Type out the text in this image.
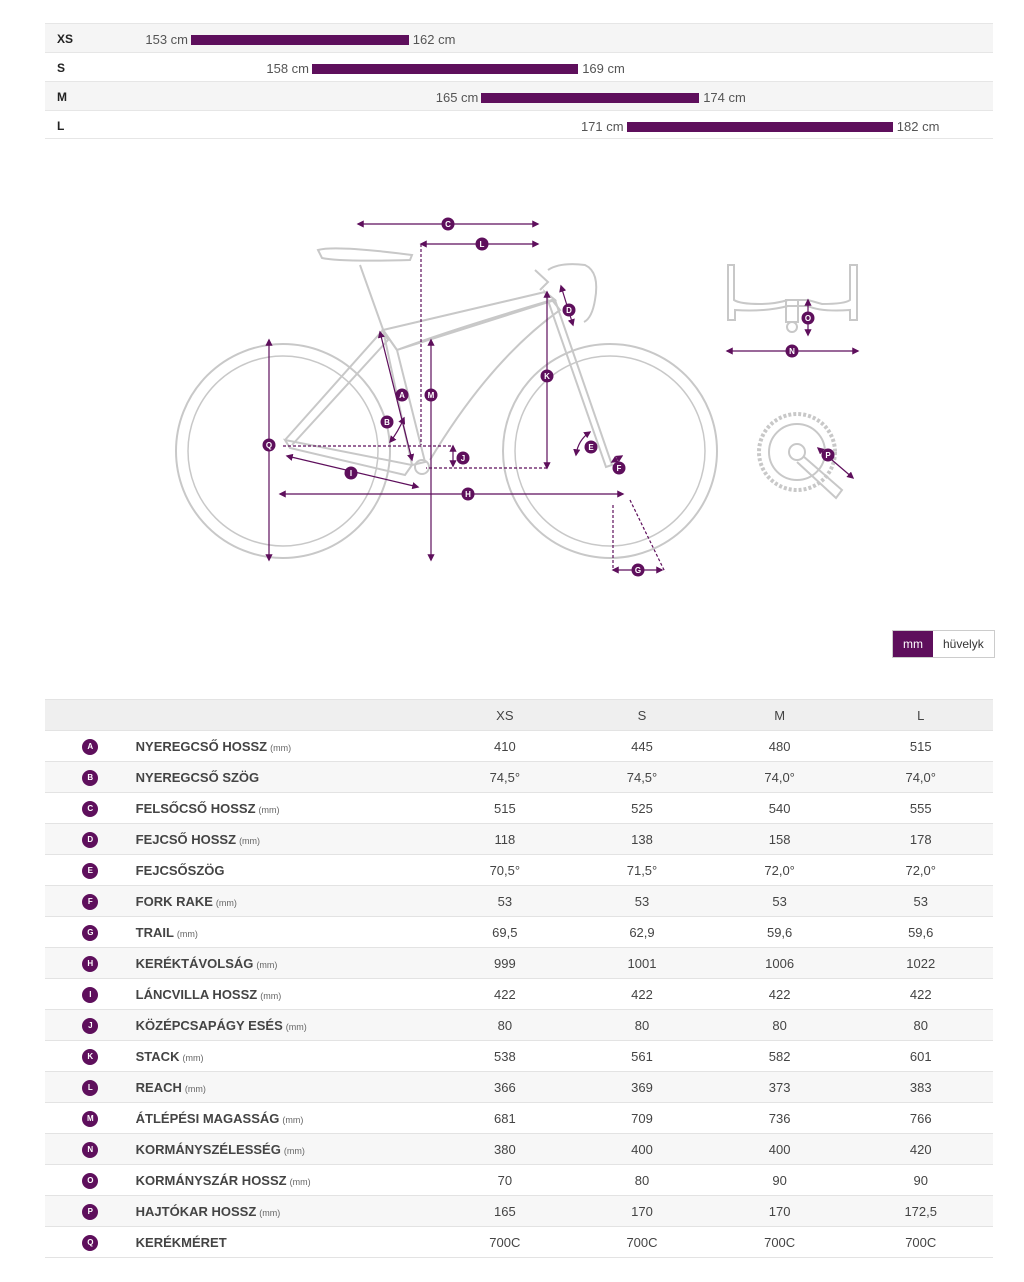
XS	153 cm	162 cm
S	158 cm	169 cm
M	165 cm	174 cm
L	171 cm	182 cm
A
B
C
D
E
F
G
H
I
J
K
L
M
N
O
P
Q
mm	hüvelyk
		XS	S	M	L
A	NYEREGCSŐ HOSSZ (mm)	410	445	480	515
B	NYEREGCSŐ SZÖG	74,5°	74,5°	74,0°	74,0°
C	FELSŐCSŐ HOSSZ (mm)	515	525	540	555
D	FEJCSŐ HOSSZ (mm)	118	138	158	178
E	FEJCSŐSZÖG	70,5°	71,5°	72,0°	72,0°
F	FORK RAKE (mm)	53	53	53	53
G	TRAIL (mm)	69,5	62,9	59,6	59,6
H	KERÉKTÁVOLSÁG (mm)	999	1001	1006	1022
I	LÁNCVILLA HOSSZ (mm)	422	422	422	422
J	KÖZÉPCSAPÁGY ESÉS (mm)	80	80	80	80
K	STACK (mm)	538	561	582	601
L	REACH (mm)	366	369	373	383
M	ÁTLÉPÉSI MAGASSÁG (mm)	681	709	736	766
N	KORMÁNYSZÉLESSÉG (mm)	380	400	400	420
O	KORMÁNYSZÁR HOSSZ (mm)	70	80	90	90
P	HAJTÓKAR HOSSZ (mm)	165	170	170	172,5
Q	KERÉKMÉRET	700C	700C	700C	700C
